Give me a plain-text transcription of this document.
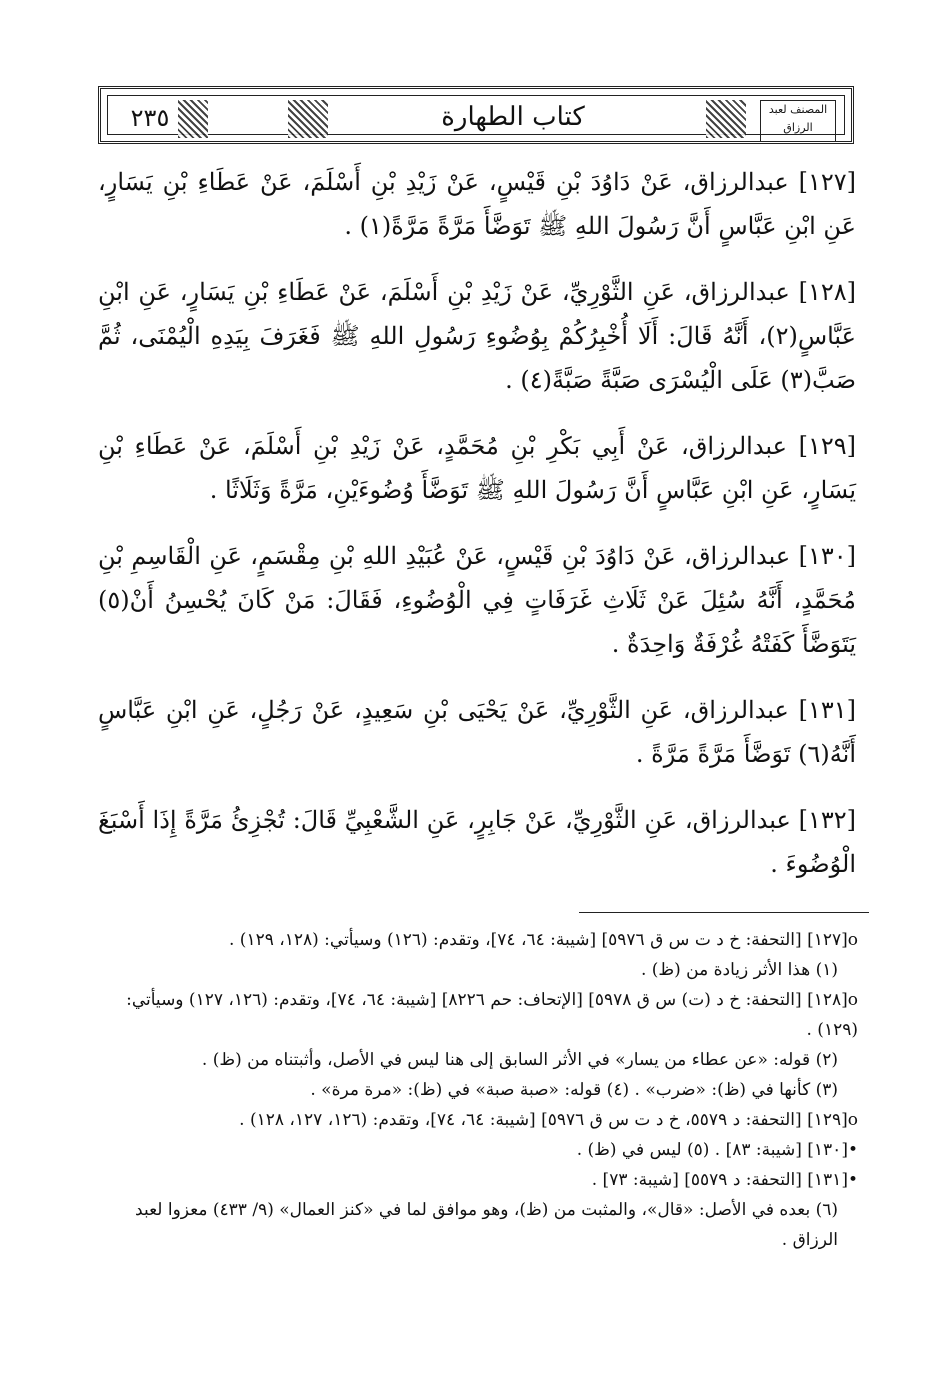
٢٣٥	كتاب الطهارة	المصنف لعبد الرزاق

[١٢٧] عبدالرزاق، عَنْ دَاوُدَ بْنِ قَيْسٍ، عَنْ زَيْدِ بْنِ أَسْلَمَ، عَنْ عَطَاءِ بْنِ يَسَارٍ، عَنِ ابْنِ عَبَّاسٍ أَنَّ رَسُولَ اللهِ ﷺ تَوَضَّأَ مَرَّةً مَرَّةً(١) .

[١٢٨] عبدالرزاق، عَنِ الثَّوْرِيِّ، عَنْ زَيْدِ بْنِ أَسْلَمَ، عَنْ عَطَاءِ بْنِ يَسَارٍ، عَنِ ابْنِ عَبَّاسٍ(٢)، أَنَّهُ قَالَ: أَلَا أُخْبِرُكُمْ بِوُضُوءِ رَسُولِ اللهِ ﷺ فَغَرَفَ بِيَدِهِ الْيُمْنَى، ثُمَّ صَبَّ(٣) عَلَى الْيُسْرَى صَبَّةً صَبَّةً(٤) .

[١٢٩] عبدالرزاق، عَنْ أَبِي بَكْرِ بْنِ مُحَمَّدٍ، عَنْ زَيْدِ بْنِ أَسْلَمَ، عَنْ عَطَاءِ بْنِ يَسَارٍ، عَنِ ابْنِ عَبَّاسٍ أَنَّ رَسُولَ اللهِ ﷺ تَوَضَّأَ وُضُوءَيْنِ، مَرَّةً وَثَلَاثًا .

[١٣٠] عبدالرزاق، عَنْ دَاوُدَ بْنِ قَيْسٍ، عَنْ عُبَيْدِ اللهِ بْنِ مِقْسَمٍ، عَنِ الْقَاسِمِ بْنِ مُحَمَّدٍ، أَنَّهُ سُئِلَ عَنْ ثَلَاثِ غَرَفَاتٍ فِي الْوُضُوءِ، فَقَالَ: مَنْ كَانَ يُحْسِنُ أَنْ(٥) يَتَوَضَّأَ كَفَتْهُ غُرْفَةٌ وَاحِدَةٌ .

[١٣١] عبدالرزاق، عَنِ الثَّوْرِيِّ، عَنْ يَحْيَى بْنِ سَعِيدٍ، عَنْ رَجُلٍ، عَنِ ابْنِ عَبَّاسٍ أَنَّهُ(٦) تَوَضَّأَ مَرَّةً مَرَّةً .

[١٣٢] عبدالرزاق، عَنِ الثَّوْرِيِّ، عَنْ جَابِرٍ، عَنِ الشَّعْبِيِّ قَالَ: تُجْزِئُ مَرَّةً إِذَا أَسْبَغَ الْوُضُوءَ .

o[١٢٧] [التحفة: خ د ت س ق ٥٩٧٦] [شيبة: ٦٤، ٧٤]، وتقدم: (١٢٦) وسيأتي: (١٢٨، ١٢٩) .

(١) هذا الأثر زيادة من (ظ) .

o[١٢٨] [التحفة: خ د (ت) س ق ٥٩٧٨] [الإتحاف: حم ٨٢٢٦] [شيبة: ٦٤، ٧٤]، وتقدم: (١٢٦، ١٢٧) وسيأتي: (١٢٩) .

(٢) قوله: «عن عطاء من يسار» في الأثر السابق إلى هنا ليس في الأصل، وأثبتناه من (ظ) .

(٣) كأنها في (ظ): «ضرب» . (٤) قوله: «صبة صبة» في (ظ): «مرة مرة» .

o[١٢٩] [التحفة: د ٥٥٧٩، خ د ت س ق ٥٩٧٦] [شيبة: ٦٤، ٧٤]، وتقدم: (١٢٦، ١٢٧، ١٢٨) .

•[١٣٠] [شيبة: ٨٣] . (٥) ليس في (ظ) .

•[١٣١] [التحفة: د ٥٥٧٩] [شيبة: ٧٣] .

(٦) بعده في الأصل: «قال»، والمثبت من (ظ)، وهو موافق لما في «كنز العمال» (٩/ ٤٣٣) معزوا لعبد الرزاق .
